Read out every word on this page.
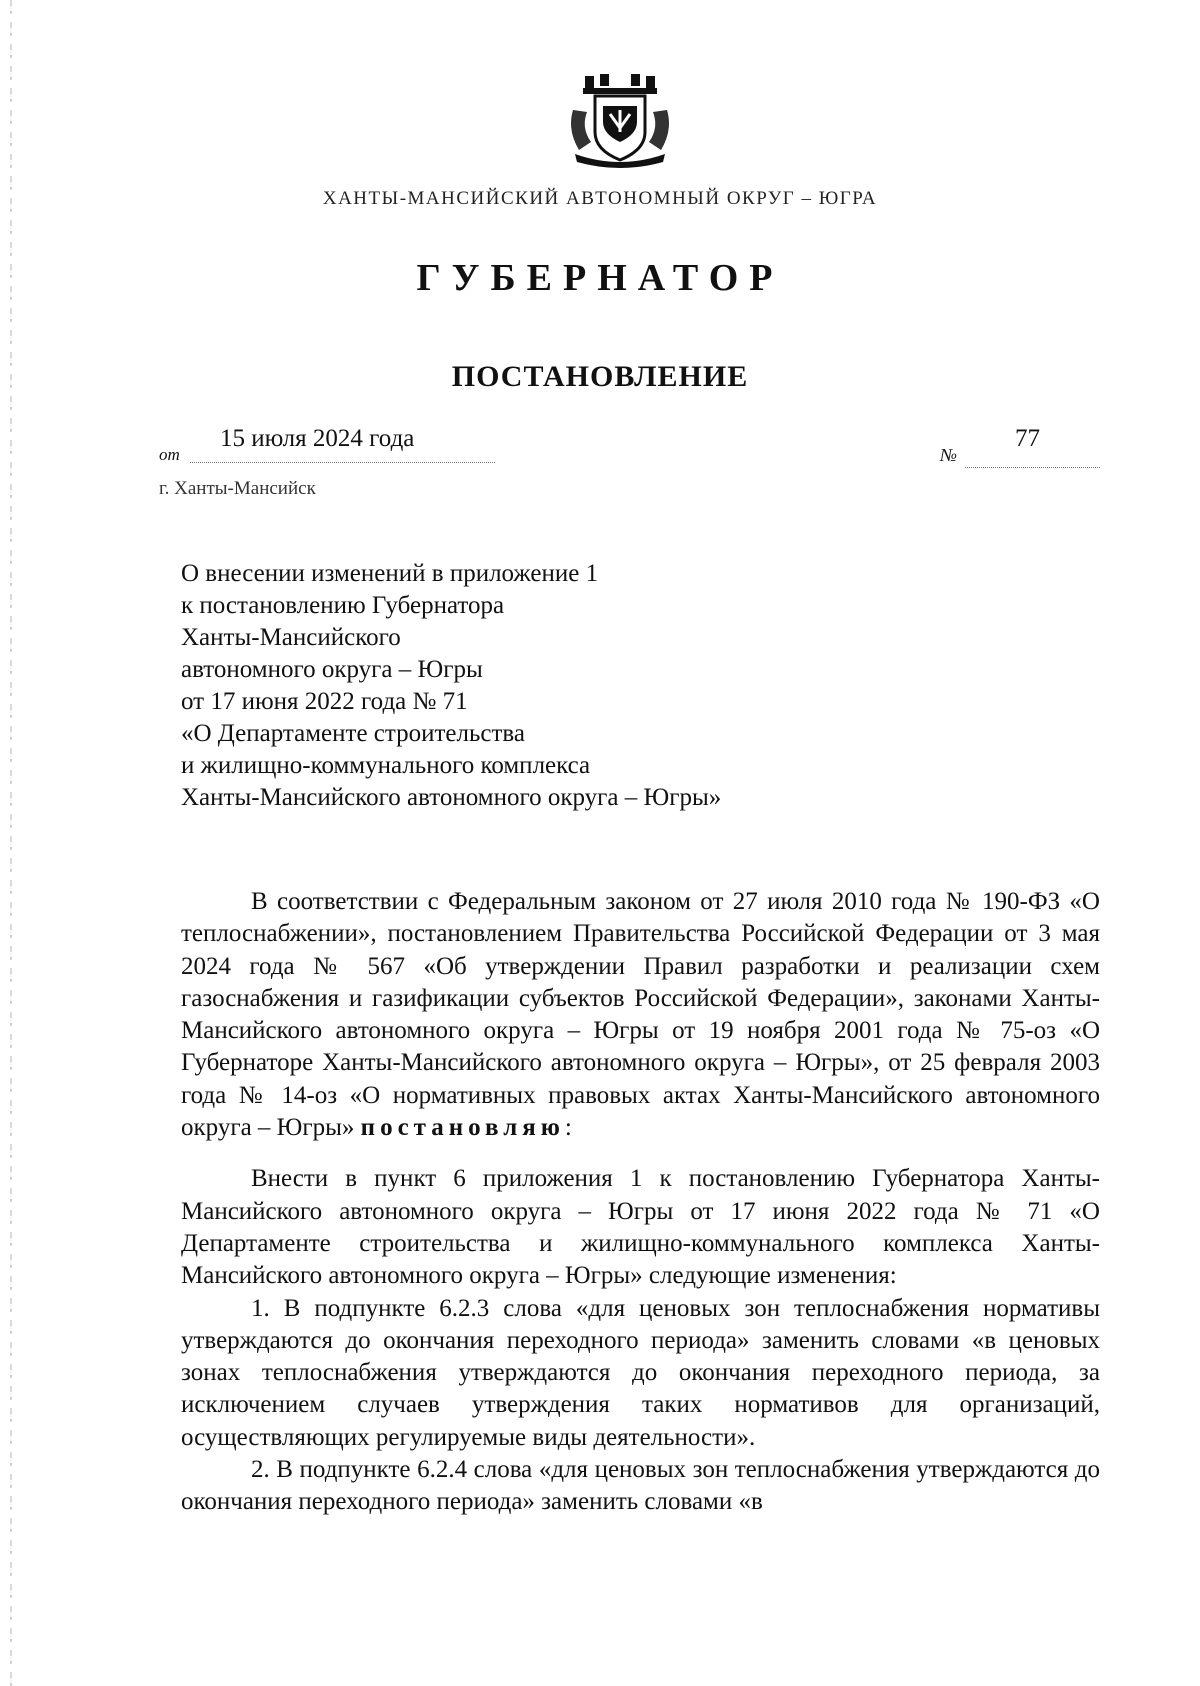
ХАНТЫ-МАНСИЙСКИЙ АВТОНОМНЫЙ ОКРУГ – ЮГРА
ГУБЕРНАТОР
ПОСТАНОВЛЕНИЕ
от
15 июля 2024 года
№
77
г. Ханты-Мансийск
О внесении изменений в приложение 1
к постановлению Губернатора
Ханты-Мансийского
автономного округа – Югры
от 17 июня 2022 года № 71
«О Департаменте строительства
и жилищно-коммунального комплекса
Ханты-Мансийского автономного округа – Югры»

В соответствии с Федеральным законом от 27 июля 2010 года № 190-ФЗ «О теплоснабжении», постановлением Правительства Российской Федерации от 3 мая 2024 года № 567 «Об утверждении Правил разработки и реализации схем газоснабжения и газификации субъектов Российской Федерации», законами Ханты-Мансийского автономного округа – Югры от 19 ноября 2001 года № 75-оз «О Губернаторе Ханты-Мансийского автономного округа – Югры», от 25 февраля 2003 года № 14-оз «О нормативных правовых актах Ханты-Мансийского автономного округа – Югры» постановляю:

Внести в пункт 6 приложения 1 к постановлению Губернатора Ханты-Мансийского автономного округа – Югры от 17 июня 2022 года № 71 «О Департаменте строительства и жилищно-коммунального комплекса Ханты-Мансийского автономного округа – Югры» следующие изменения:

1. В подпункте 6.2.3 слова «для ценовых зон теплоснабжения нормативы утверждаются до окончания переходного периода» заменить словами «в ценовых зонах теплоснабжения утверждаются до окончания переходного периода, за исключением случаев утверждения таких нормативов для организаций, осуществляющих регулируемые виды деятельности».

2. В подпункте 6.2.4 слова «для ценовых зон теплоснабжения утверждаются до окончания переходного периода» заменить словами «в
